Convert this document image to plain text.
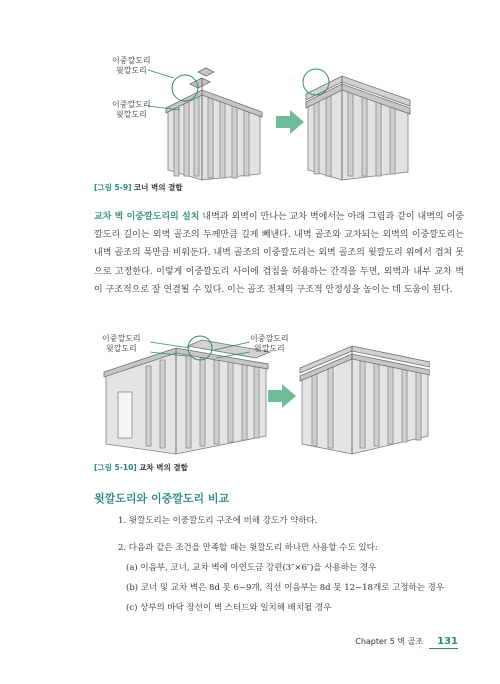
이중깔도리
윗깔도리
이중깔도리
윗깔도리
[그림 5-9] 코너 벽의 결합

교차 벽 이중깔도리의 설치 내벽과 외벽이 만나는 교차 벽에서는 아래 그림과 같이 내벽의 이중깔도리 길이는 외벽 골조의 두께만큼 길게 빼낸다. 내벽 골조와 교차되는 외벽의 이중깔도리는 내벽 골조의 폭만큼 비워둔다. 내벽 골조의 이중깔도리는 외벽 골조의 윗깔도리 위에서 겹쳐 못으로 고정한다. 이렇게 이중깔도리 사이에 겹침을 허용하는 간격을 두면, 외벽과 내부 교차 벽이 구조적으로 잘 연결될 수 있다. 이는 골조 전체의 구조적 안정성을 높이는 데 도움이 된다.

이중깔도리
윗깔도리
이중깔도리
윗깔도리
[그림 5-10] 교차 벽의 결합
윗깔도리와 이중깔도리 비교
1. 윗깔도리는 이중깔도리 구조에 비해 강도가 약하다.
2. 다음과 같은 조건을 만족할 때는 윗깔도리 하나만 사용할 수도 있다:
(a) 이음부, 코너, 교차 벽에 아연도금 강편(3″×6″)을 사용하는 경우
(b) 코너 및 교차 벽은 8d 못 6~9개, 직선 이음부는 8d 못 12~18개로 고정하는 경우
(c) 상부의 바닥 장선이 벽 스터드와 일치해 배치될 경우
Chapter 5 벽 골조	131
